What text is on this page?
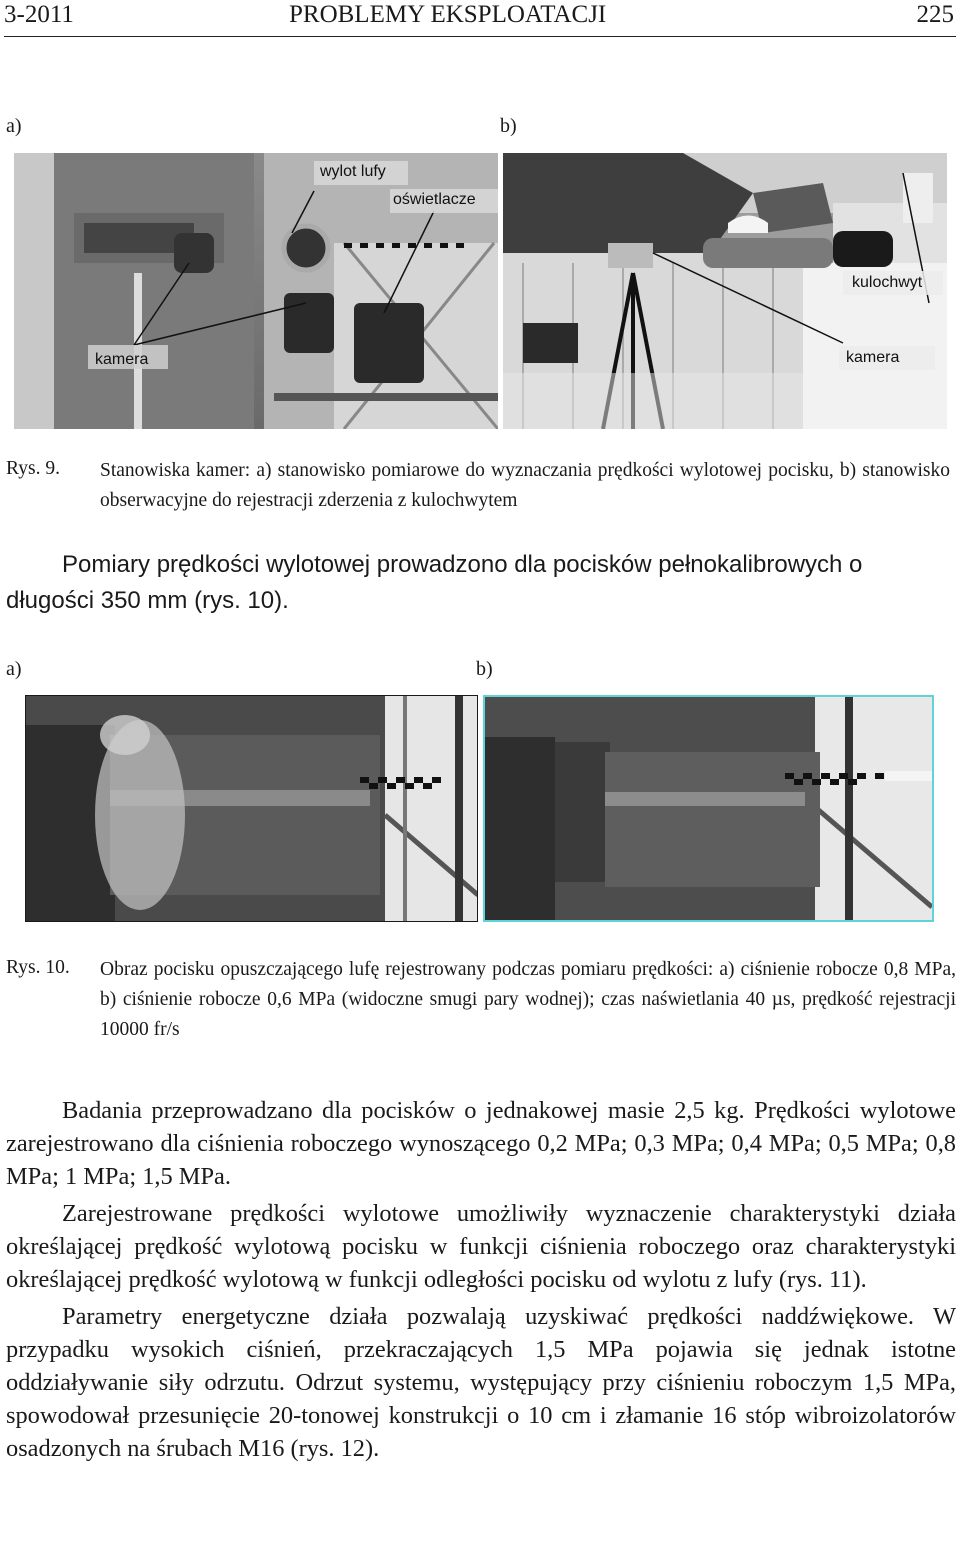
3-2011	PROBLEMY EKSPLOATACJI	225
a)	b)
wylot lufy
oświetlacze
kamera
kulochwyt
kamera
Rys. 9. Stanowiska kamer: a) stanowisko pomiarowe do wyznaczania prędkości wylotowej pocisku, b) stanowisko obserwacyjne do rejestracji zderzenia z kulochwytem
Pomiary prędkości wylotowej prowadzono dla pocisków pełnokalibrowych o długości 350 mm (rys. 10).
a)	b)
Rys. 10. Obraz pocisku opuszczającego lufę rejestrowany podczas pomiaru prędkości: a) ciśnienie robocze 0,8 MPa, b) ciśnienie robocze 0,6 MPa (widoczne smugi pary wodnej); czas naświetlania 40 µs, prędkość rejestracji 10000 fr/s

Badania przeprowadzano dla pocisków o jednakowej masie 2,5 kg. Prędkości wylotowe zarejestrowano dla ciśnienia roboczego wynoszącego 0,2 MPa; 0,3 MPa; 0,4 MPa; 0,5 MPa; 0,8 MPa; 1 MPa; 1,5 MPa.

Zarejestrowane prędkości wylotowe umożliwiły wyznaczenie charakterystyki działa określającej prędkość wylotową pocisku w funkcji ciśnienia roboczego oraz charakterystyki określającej prędkość wylotową w funkcji odległości pocisku od wylotu z lufy (rys. 11).

Parametry energetyczne działa pozwalają uzyskiwać prędkości naddźwiękowe. W przypadku wysokich ciśnień, przekraczających 1,5 MPa pojawia się jednak istotne oddziaływanie siły odrzutu. Odrzut systemu, występujący przy ciśnieniu roboczym 1,5 MPa, spowodował przesunięcie 20-tonowej konstrukcji o 10 cm i złamanie 16 stóp wibroizolatorów osadzonych na śrubach M16 (rys. 12).
